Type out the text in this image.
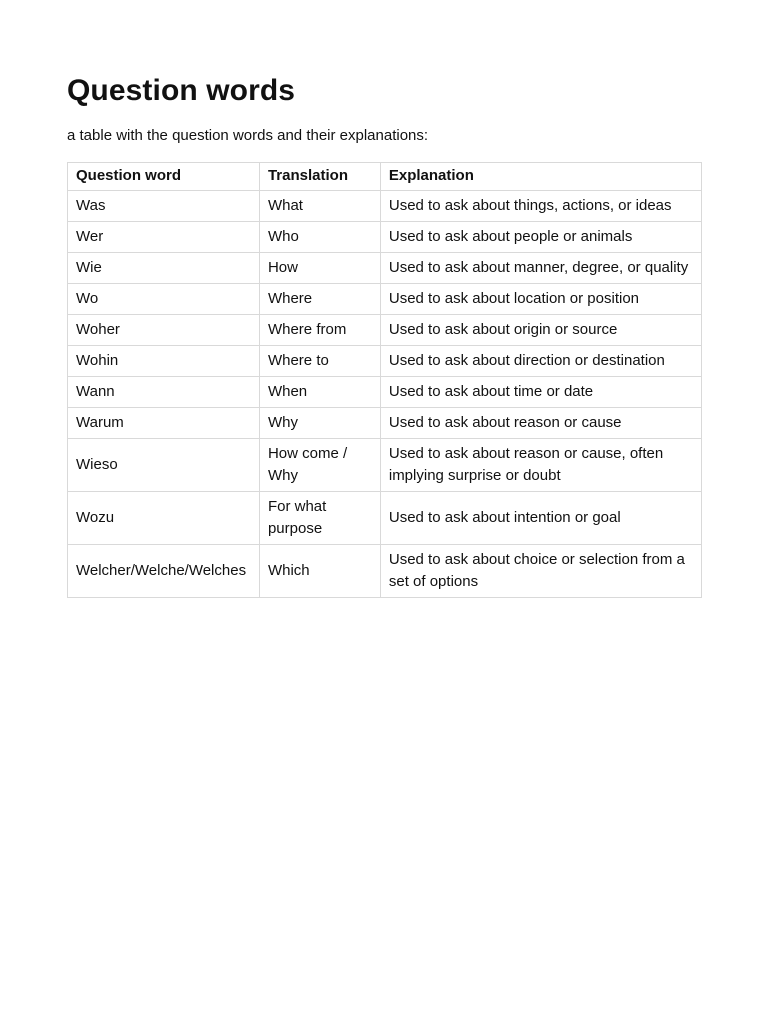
Question words

a table with the question words and their explanations:

Question word	Translation	Explanation
Was	What	Used to ask about things, actions, or ideas
Wer	Who	Used to ask about people or animals
Wie	How	Used to ask about manner, degree, or quality
Wo	Where	Used to ask about location or position
Woher	Where from	Used to ask about origin or source
Wohin	Where to	Used to ask about direction or destination
Wann	When	Used to ask about time or date
Warum	Why	Used to ask about reason or cause
Wieso	How come / Why	Used to ask about reason or cause, often implying surprise or doubt
Wozu	For what purpose	Used to ask about intention or goal
Welcher/Welche/Welches	Which	Used to ask about choice or selection from a set of options
